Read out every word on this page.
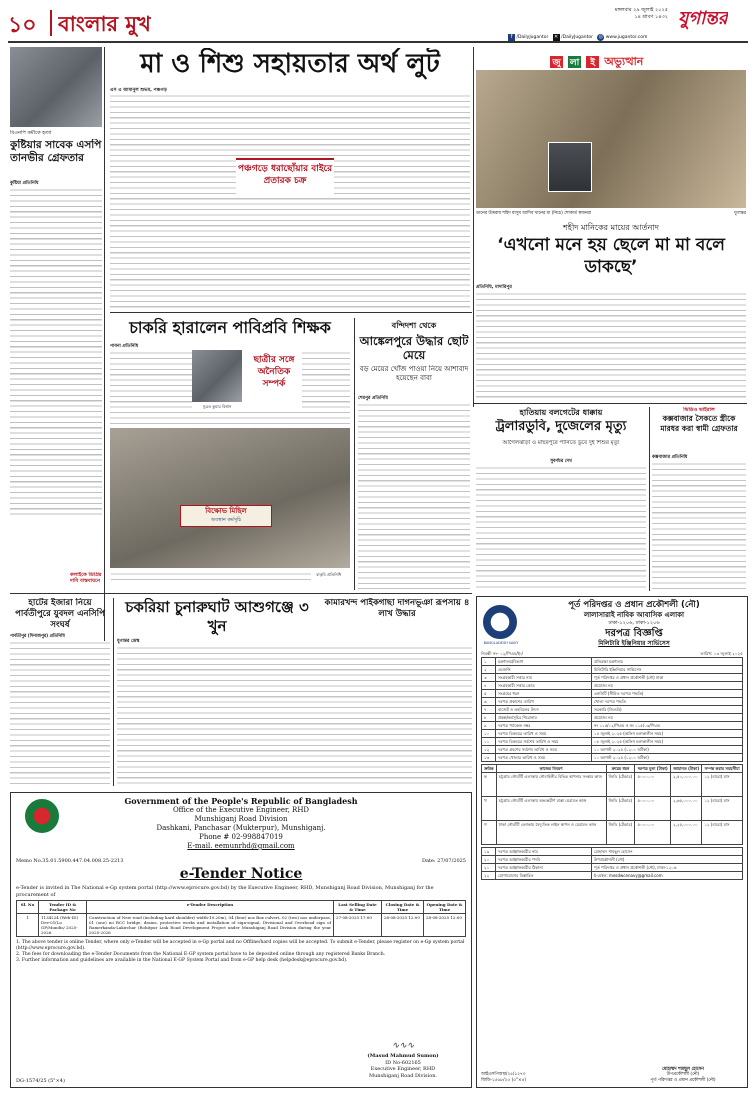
১০ বাংলার মুখ
মঙ্গলবার ২৯ জুলাই ২০২৫
১৪ শ্রাবণ ১৪৩২ যুগান্তর
f /DailyJugantor ✕ /DailyJugantor ◎ www.jugantor.com
বিএনপি কর্মীকে হত্যা
কুষ্টিয়ার সাবেক এসপি তানভীর গ্রেফতার
কুষ্টিয়া প্রতিনিধি
মা ও শিশু সহায়তার অর্থ লুট
এস এ আমানুল শুভম, পঞ্চগড়
পঞ্চগড়ে ধরাছোঁয়ার বাইরে প্রতারক চক্র
জু লা ই অভ্যুত্থান
ডানের উত্তরায় শহিদ মাসুম আদিব খানের মা (নিচে) শোকার্ত স্বজনরা	যুগান্তর
শহীদ মানিকের মায়ের আর্তনাদ
‘এখনো মনে হয় ছেলে মা মা বলে ডাকছে’
প্রতিনিধি, মাদারিপুর
চাকরি হারালেন পাবিপ্রবি শিক্ষক
পাবনা প্রতিনিধি
ছাত্রীর সঙ্গে অনৈতিক সম্পর্ক
সুব্রত কুমার বিশ্বাস
বিক্ষোভ মিছিল
অবস্থান কর্মসূচি
কলাইকে ডিগ্রির দাবি বাস্তবায়নে  $^{বাকৃবি প্রতিনিধি}$
বন্দিদশা থেকে
আঙ্কেলপুরে উদ্ধার ছোট মেয়ে
বড় মেয়ের খোঁজ পাওয়া নিয়ে আশাবাদ হয়েছেন বাবা
শেরপুর প্রতিনিধি
হাতিয়ায় বলগেটের ধাক্কায়
ট্রলারডুবি, দুজেলের মৃত্যু
আগৈলঝাড়া ও মাছরপুরে পানিতে ডুবে দুই শিশুর মৃত্যু
সুবর্ণচর দেখ
ভিডিও ভাইরাল
কক্সবাজার সৈকতে স্ত্রীকে মারধর করা স্বামী গ্রেফতার
কক্সবাজার প্রতিনিধি
হাটের ইজারা নিয়ে পার্বতীপুরে যুবদল এনসিপি সংঘর্ষ
পার্বতীপুর (দিনাজপুর) প্রতিনিধি
চকরিয়া চুনারুঘাট আশুগঞ্জে ৩ খুন
যুগান্তর ডেস্ক
কামারখন্দ পাইকগাছা দাগনভূঞা রূপসায় ৪ লাখ উদ্ধার
Government of the People's Republic of Bangladesh
Office of the Executive Engineer, RHD
Munshiganj Road Division
Dashkani, Panchasar (Mukterpur), Munshiganj.
Phone # 02-998847019
E-mail. eemunrhd@gmail.com
Memo No.35.01.5900.447.04.008.25-2213	Date: 27/07/2025
e-Tender Notice
e-Tender is invited in The National e-Gp system portal (http://www.eprocure.gov.bd) by the Executive Engineer, RHD, Munshiganj Road Division, Munshiganj for the procurement of
Sl. No	Tender ID & Package No	e-Tender Description	Last Selling Date & Time	Closing Date & Time	Opening Date & Time
1	1134224 (Web-ID) Dev-01(Lo GP/Mundis/ 2025-2026.	Construction of New road (including hard shoulder) width-10.20m), 04 (four) nos Box culvert, 02 (two) nos underpass, 01 (one) no RCC bridge, drains, protective works and installation of sign-signal, Divisional and Overhead sign of Ramerkanda-Lakirchar (Rohitpur Link Road Development Project under Munshiganj Road Division during the year 2025-2026	27-08-2025 17:00	28-08-2025 12:00	28-08-2025 12:00
1. The above tender is online Tender, where only e-Tender will be accepted in e-Gp portal and no Offline/hard copies will be accepted. To submit e-Tender, please register on e-Gp system portal (http://www.eprocure.gov.bd).
2. The fees for downloading the e-Tender Documents from the National E-GP system portal have to be deposited online through any registered Banks Branch.
3. Further information and guidelines are available in the National E-GP System Portal and from e-GP help desk (helpdesk@eprocure.gov.bd).
∿∿∿
(Masud Mahmud Sumon)
ID No-602165
Executive Engineer, RHD
Munshiganj Road Division.
DG-1574/25 (5"×4)
BANGLADESH NAVY
পূর্ত পরিদপ্তর ও প্রধান প্রকৌশলী (নৌ)
লালাসারাই নাবিক আবাসিক এলাকা
ঢাকা-১২০৬, ঢাকা-১২০৬
দরপত্র বিজ্ঞপ্তি
মিলিটারি ইঞ্জিনিয়ার সার্ভিসেস
নিবন্ধী নং- ০২/পিএম/ই-/	তারিখ: ১৩ জুলাই ২০২৫
১	মন্ত্রণালয়/বিভাগ	প্রতিরক্ষা মন্ত্রণালয়
২	এজেন্সি	মিলিটারি ইঞ্জিনিয়ার সার্ভিসেস
৩	সংগ্রহকারী সত্তার নাম	পূর্ত পরিদপ্তর ও প্রধান প্রকৌশলী (নৌ) ঢাকা
৪	সংগ্রহকারী সত্তার কোড	প্রযোজ্য নয়
৫	সংগ্রহের ধরন	এনসিটি (সীমিত দরপত্র পদ্ধতি)
৬	দরপত্র প্রকাশের তারিখ	খোলা দরপত্র পদ্ধতি
৭	বাজেট ও তহবিলের উৎস	সরকারি (জিওবি)
৮	প্রকল্প/কর্মসূচির শিরোনাম	প্রযোজ্য নয়
৯	দরপত্র প্যাকেজ নম্বর	নং ১১৫/০২/পিএম ও নং ১১৫/০৩/পিএম
১০	দরপত্র বিক্রয়ের তারিখ ও সময়	১৪ জুলাই ২০২৫ (অফিস চলাকালীন সময়)
১১	দরপত্র বিক্রয়ের সর্বশেষ তারিখ ও সময়	০৮ জুলাই ২০২৫ (অফিস চলাকালীন সময়)
১২	দরপত্র গ্রহণের সর্বশেষ তারিখ ও সময়	১০ আগস্ট ২০২৫ (১২০০ ঘটিকা)
১৩	দরপত্র খোলার তারিখ ও সময়	১০ আগস্ট ২০২৫ (১২০০ ঘটিকা)
ক্রমিক	কাজের বিবরণ	ক্রয়ের ধরন	দরপত্র মূল্য (টাকা)	জামানত (টাকা)	সম্পন্ন করার সময়সীমা
ক	চট্টগ্রাম নৌঘাঁটি এলাকায় নৌবাহিনীর বিভিন্ন স্থাপনার সংস্কার কাজ	জিডি (টেন্ডার)	৫০০০.০০	২,৫০,০০০.০০	১২ (বারো) মাস
খ	চট্টগ্রাম নৌঘাঁটি এলাকায় অভ্যন্তরীণ রাস্তা মেরামত কাজ	জিডি (টেন্ডার)	৫০০০.০০	২,৬৫,০০০.০০	১২ (বারো) মাস
গ	ঢাকা নৌঘাঁটি এলাকায় বৈদ্যুতিক লাইন স্থাপন ও মেরামত কাজ	জিডি (টেন্ডার)	৫০০০.০০	২,২৫,০০০.০০	১২ (বারো) মাস
১৯	দরপত্র আহ্বানকারীর নাম	মোহাম্মদ শামছুল হোসেন
২০	দরপত্র আহ্বানকারীর পদবি	উপপ্রকৌশলী (নৌ)
২১	দরপত্র আহ্বানকারীর ঠিকানা	পূর্ত পরিদপ্তর ও প্রধান প্রকৌশলী (নৌ), ঢাকা-১২০৬
২২	যোগাযোগের বিস্তারিত	ই-মেইল: mesdwcenavy@gmail.com
আইএসপিআর/২৫/১২৭০
জিডি-১৫৬৮/২৫ (৫"×৪)
মোহাম্মদ শামছুল হোসেন
উপপ্রকৌশলী (নৌ)
পূর্ত পরিদপ্তর ও প্রধান প্রকৌশলী (নৌ)
